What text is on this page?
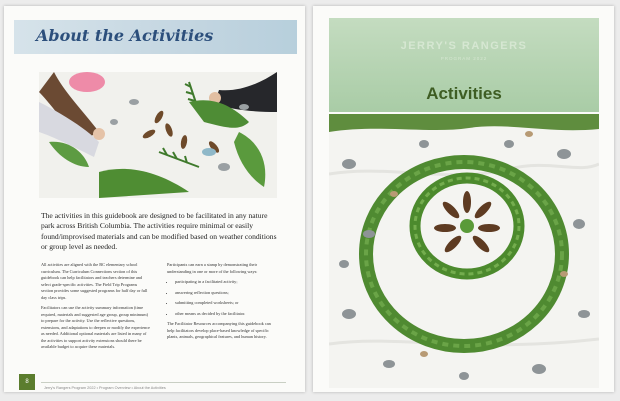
About the Activities
The activities in this guidebook are designed to be facilitated in any nature park across British Columbia. The activities require minimal or easily found/improvised materials and can be modified based on weather conditions or group level as needed.

All activities are aligned with the BC elementary school curriculum. The Curriculum Connections section of this guidebook can help facilitators and teachers determine and select grade-specific activities. The Field Trip Programs section provides some suggested programs for half day or full day class trips.

Facilitators can use the activity summary information (time required, materials and suggested age group, group minimum) to prepare for the activity. Use the reflective questions, extensions, and adaptations to deepen or modify the experience as needed. Additional optional materials are listed in many of the activities to support activity extensions should there be available budget to acquire these materials.

Participants can earn a stamp by demonstrating their understanding in one or more of the following ways:

• participating in a facilitated activity;
• answering reflection questions;
• submitting completed worksheets; or
• other means as decided by the facilitator.

The Facilitator Resources accompanying this guidebook can help facilitators develop place-based knowledge of specific plants, animals, geographical features, and human history.

8
Jerry's Rangers Program 2022 • Program Overview • About the Activities
JERRY'S RANGERS
PROGRAM 2022
Activities
